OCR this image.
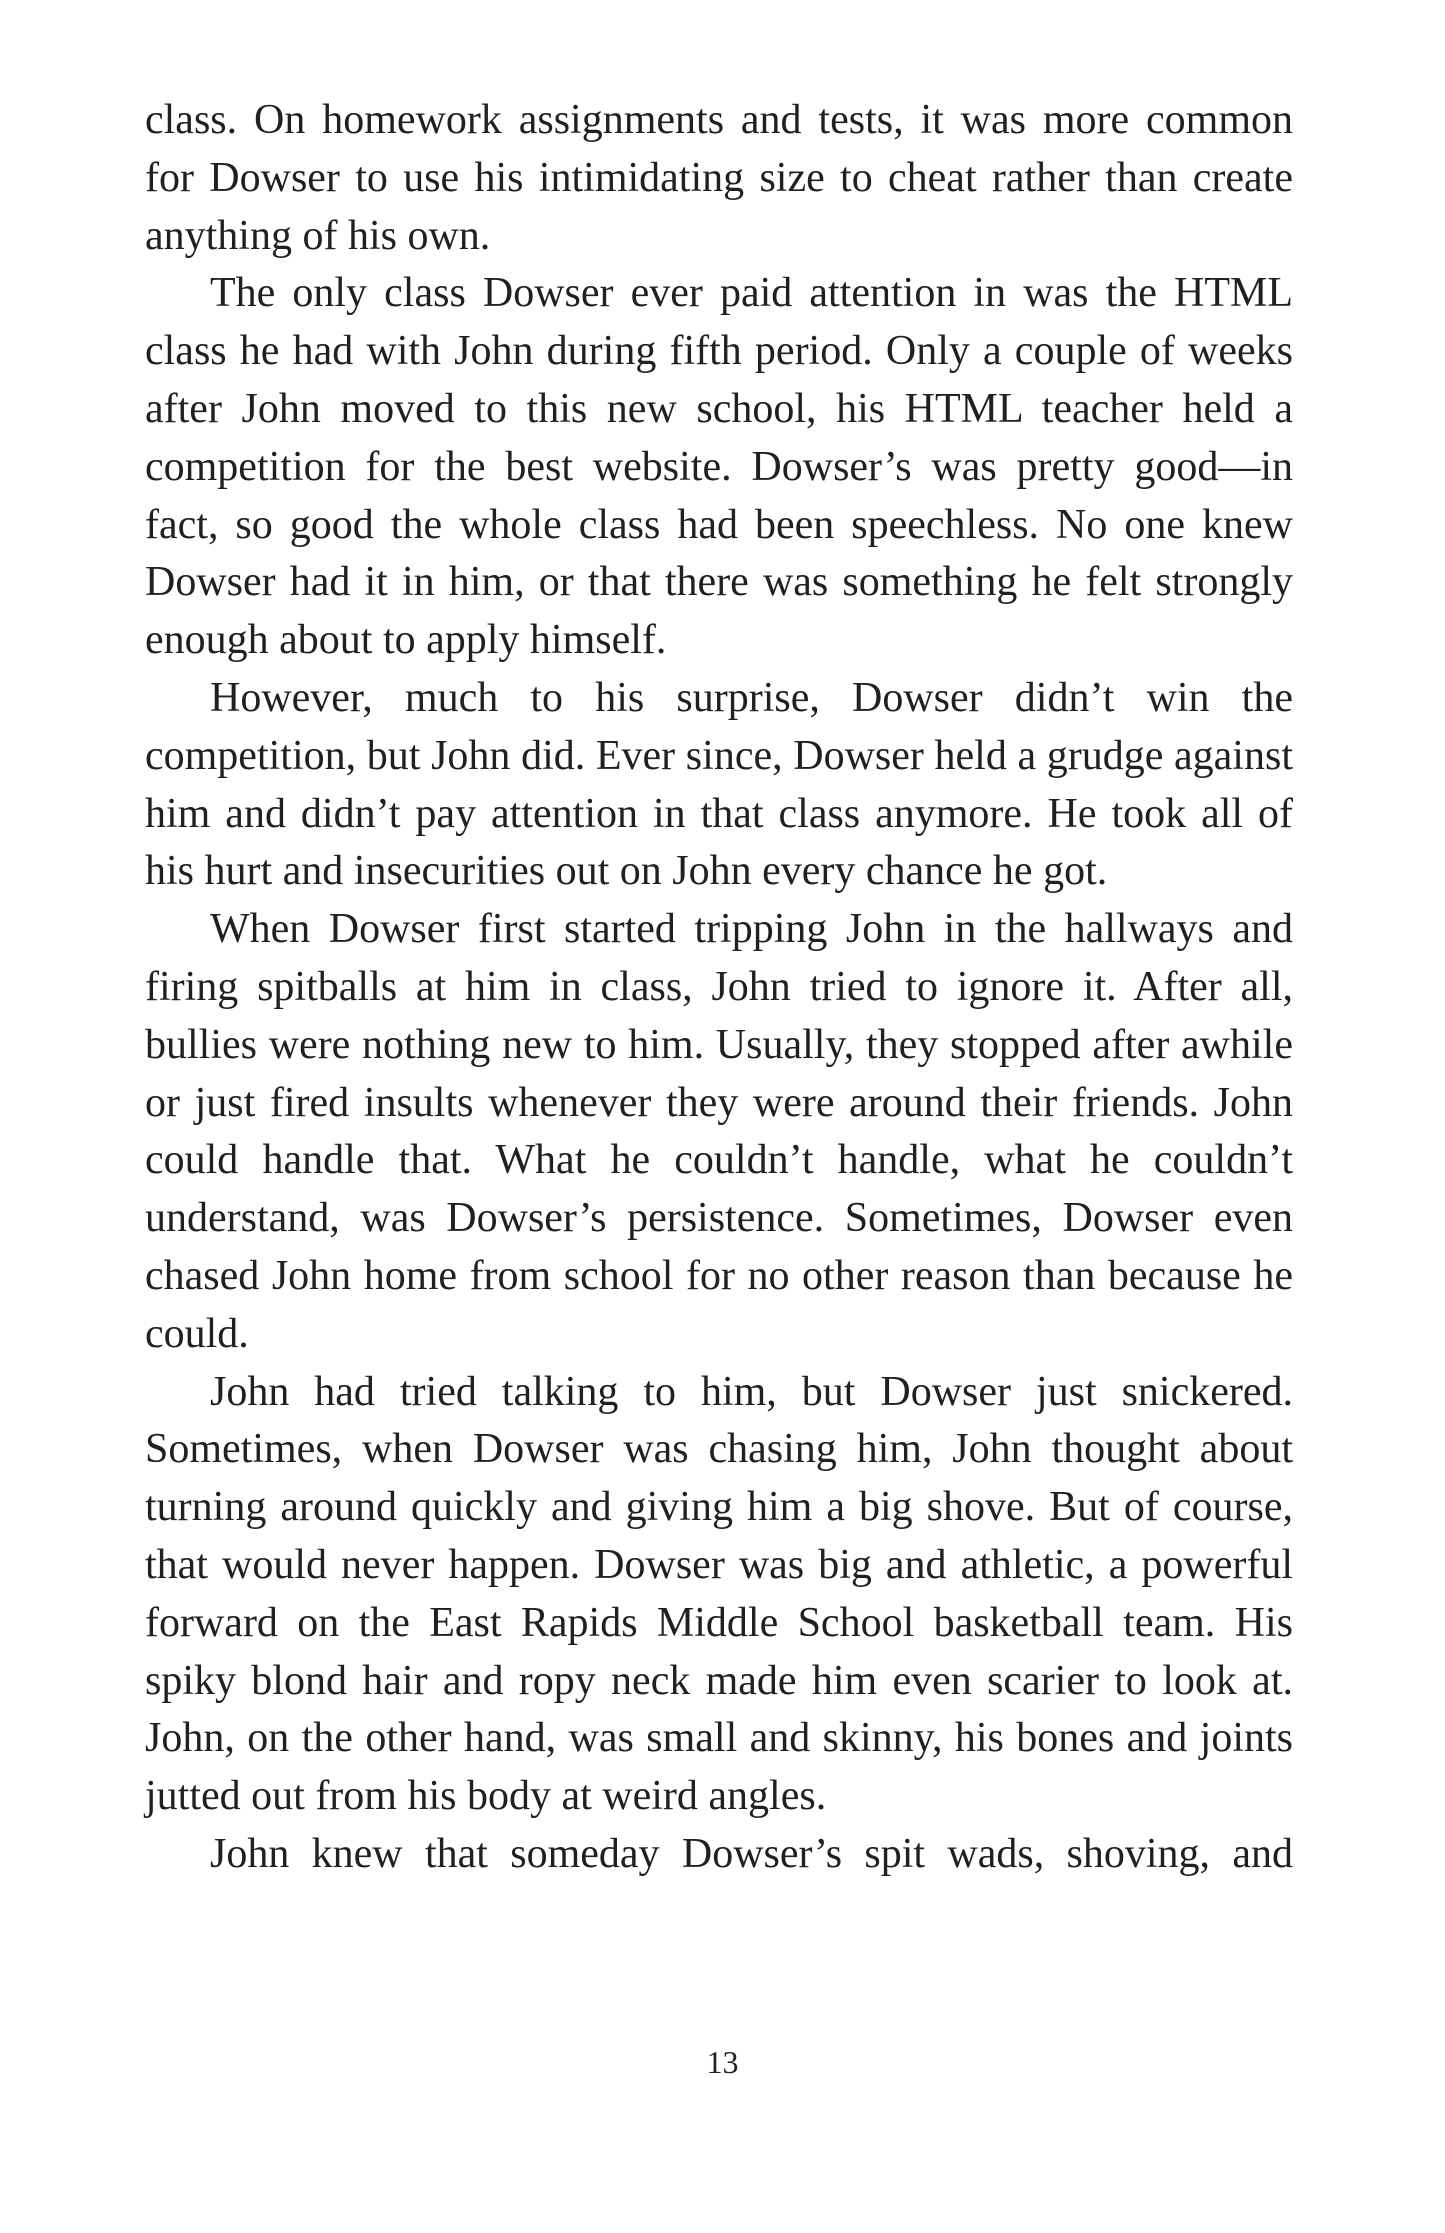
class. On homework assignments and tests, it was more common for Dowser to use his intimidating size to cheat rather than create anything of his own.

The only class Dowser ever paid attention in was the HTML class he had with John during fifth period. Only a couple of weeks after John moved to this new school, his HTML teacher held a competition for the best website. Dowser’s was pretty good—in fact, so good the whole class had been speechless. No one knew Dowser had it in him, or that there was something he felt strongly enough about to apply himself.

However, much to his surprise, Dowser didn’t win the competition, but John did. Ever since, Dowser held a grudge against him and didn’t pay attention in that class anymore. He took all of his hurt and insecurities out on John every chance he got.

When Dowser first started tripping John in the hallways and firing spitballs at him in class, John tried to ignore it. After all, bullies were nothing new to him. Usually, they stopped after awhile or just fired insults whenever they were around their friends. John could handle that. What he couldn’t handle, what he couldn’t understand, was Dowser’s persistence. Sometimes, Dowser even chased John home from school for no other reason than because he could.

John had tried talking to him, but Dowser just snickered. Sometimes, when Dowser was chasing him, John thought about turning around quickly and giving him a big shove. But of course, that would never happen. Dowser was big and athletic, a powerful forward on the East Rapids Middle School basketball team. His spiky blond hair and ropy neck made him even scarier to look at. John, on the other hand, was small and skinny, his bones and joints jutted out from his body at weird angles.

John knew that someday Dowser’s spit wads, shoving, and

13
